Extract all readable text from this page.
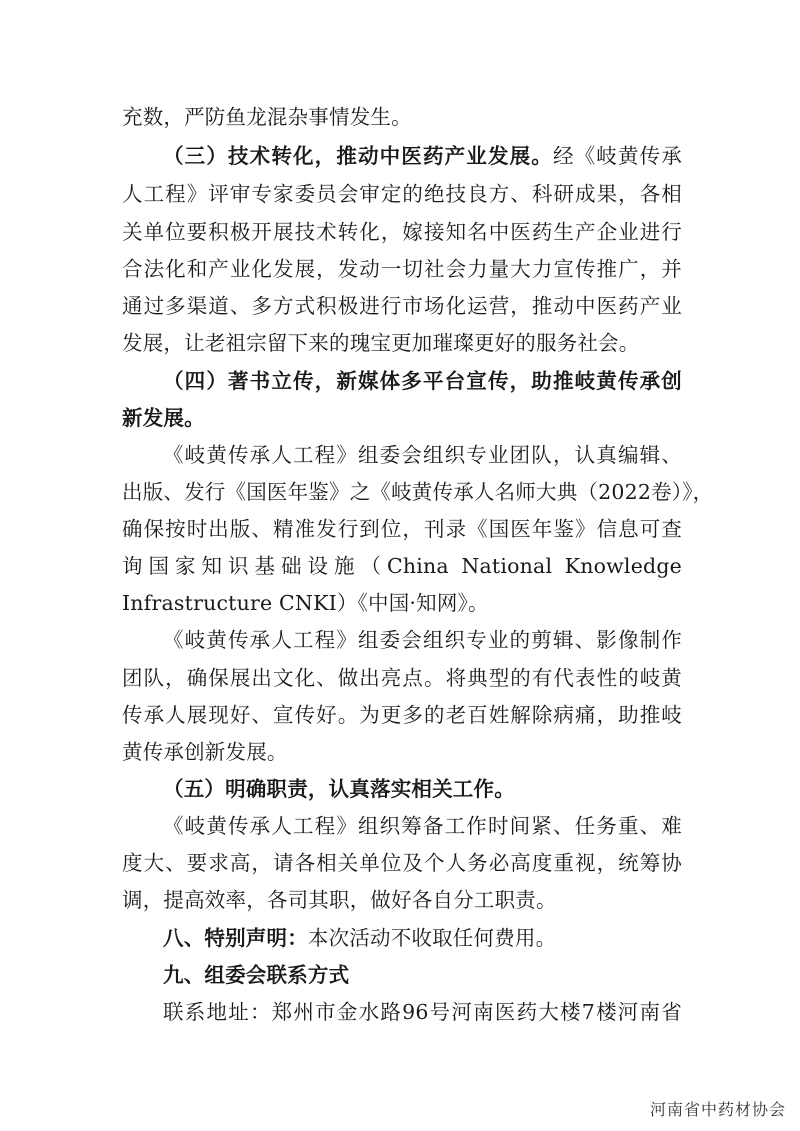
充数，严防鱼龙混杂事情发生。
（三）技术转化，推动中医药产业发展。经《岐黄传承
人工程》评审专家委员会审定的绝技良方、科研成果，各相
关单位要积极开展技术转化，嫁接知名中医药生产企业进行
合法化和产业化发展，发动一切社会力量大力宣传推广，并
通过多渠道、多方式积极进行市场化运营，推动中医药产业
发展，让老祖宗留下来的瑰宝更加璀璨更好的服务社会。
（四）著书立传，新媒体多平台宣传，助推岐黄传承创
新发展。
《岐黄传承人工程》组委会组织专业团队，认真编辑、
出版、发行《国医年鉴》之《岐黄传承人名师大典（2022卷）》，
确保按时出版、精准发行到位，刊录《国医年鉴》信息可查
询国家知识基础设施（China National Knowledge
Infrastructure CNKI）《中国·知网》。
《岐黄传承人工程》组委会组织专业的剪辑、影像制作
团队，确保展出文化、做出亮点。将典型的有代表性的岐黄
传承人展现好、宣传好。为更多的老百姓解除病痛，助推岐
黄传承创新发展。
（五）明确职责，认真落实相关工作。
《岐黄传承人工程》组织筹备工作时间紧、任务重、难
度大、要求高，请各相关单位及个人务必高度重视，统筹协
调，提高效率，各司其职，做好各自分工职责。
八、特别声明：本次活动不收取任何费用。
九、组委会联系方式
联系地址：郑州市金水路96号河南医药大楼7楼河南省
河南省中药材协会
